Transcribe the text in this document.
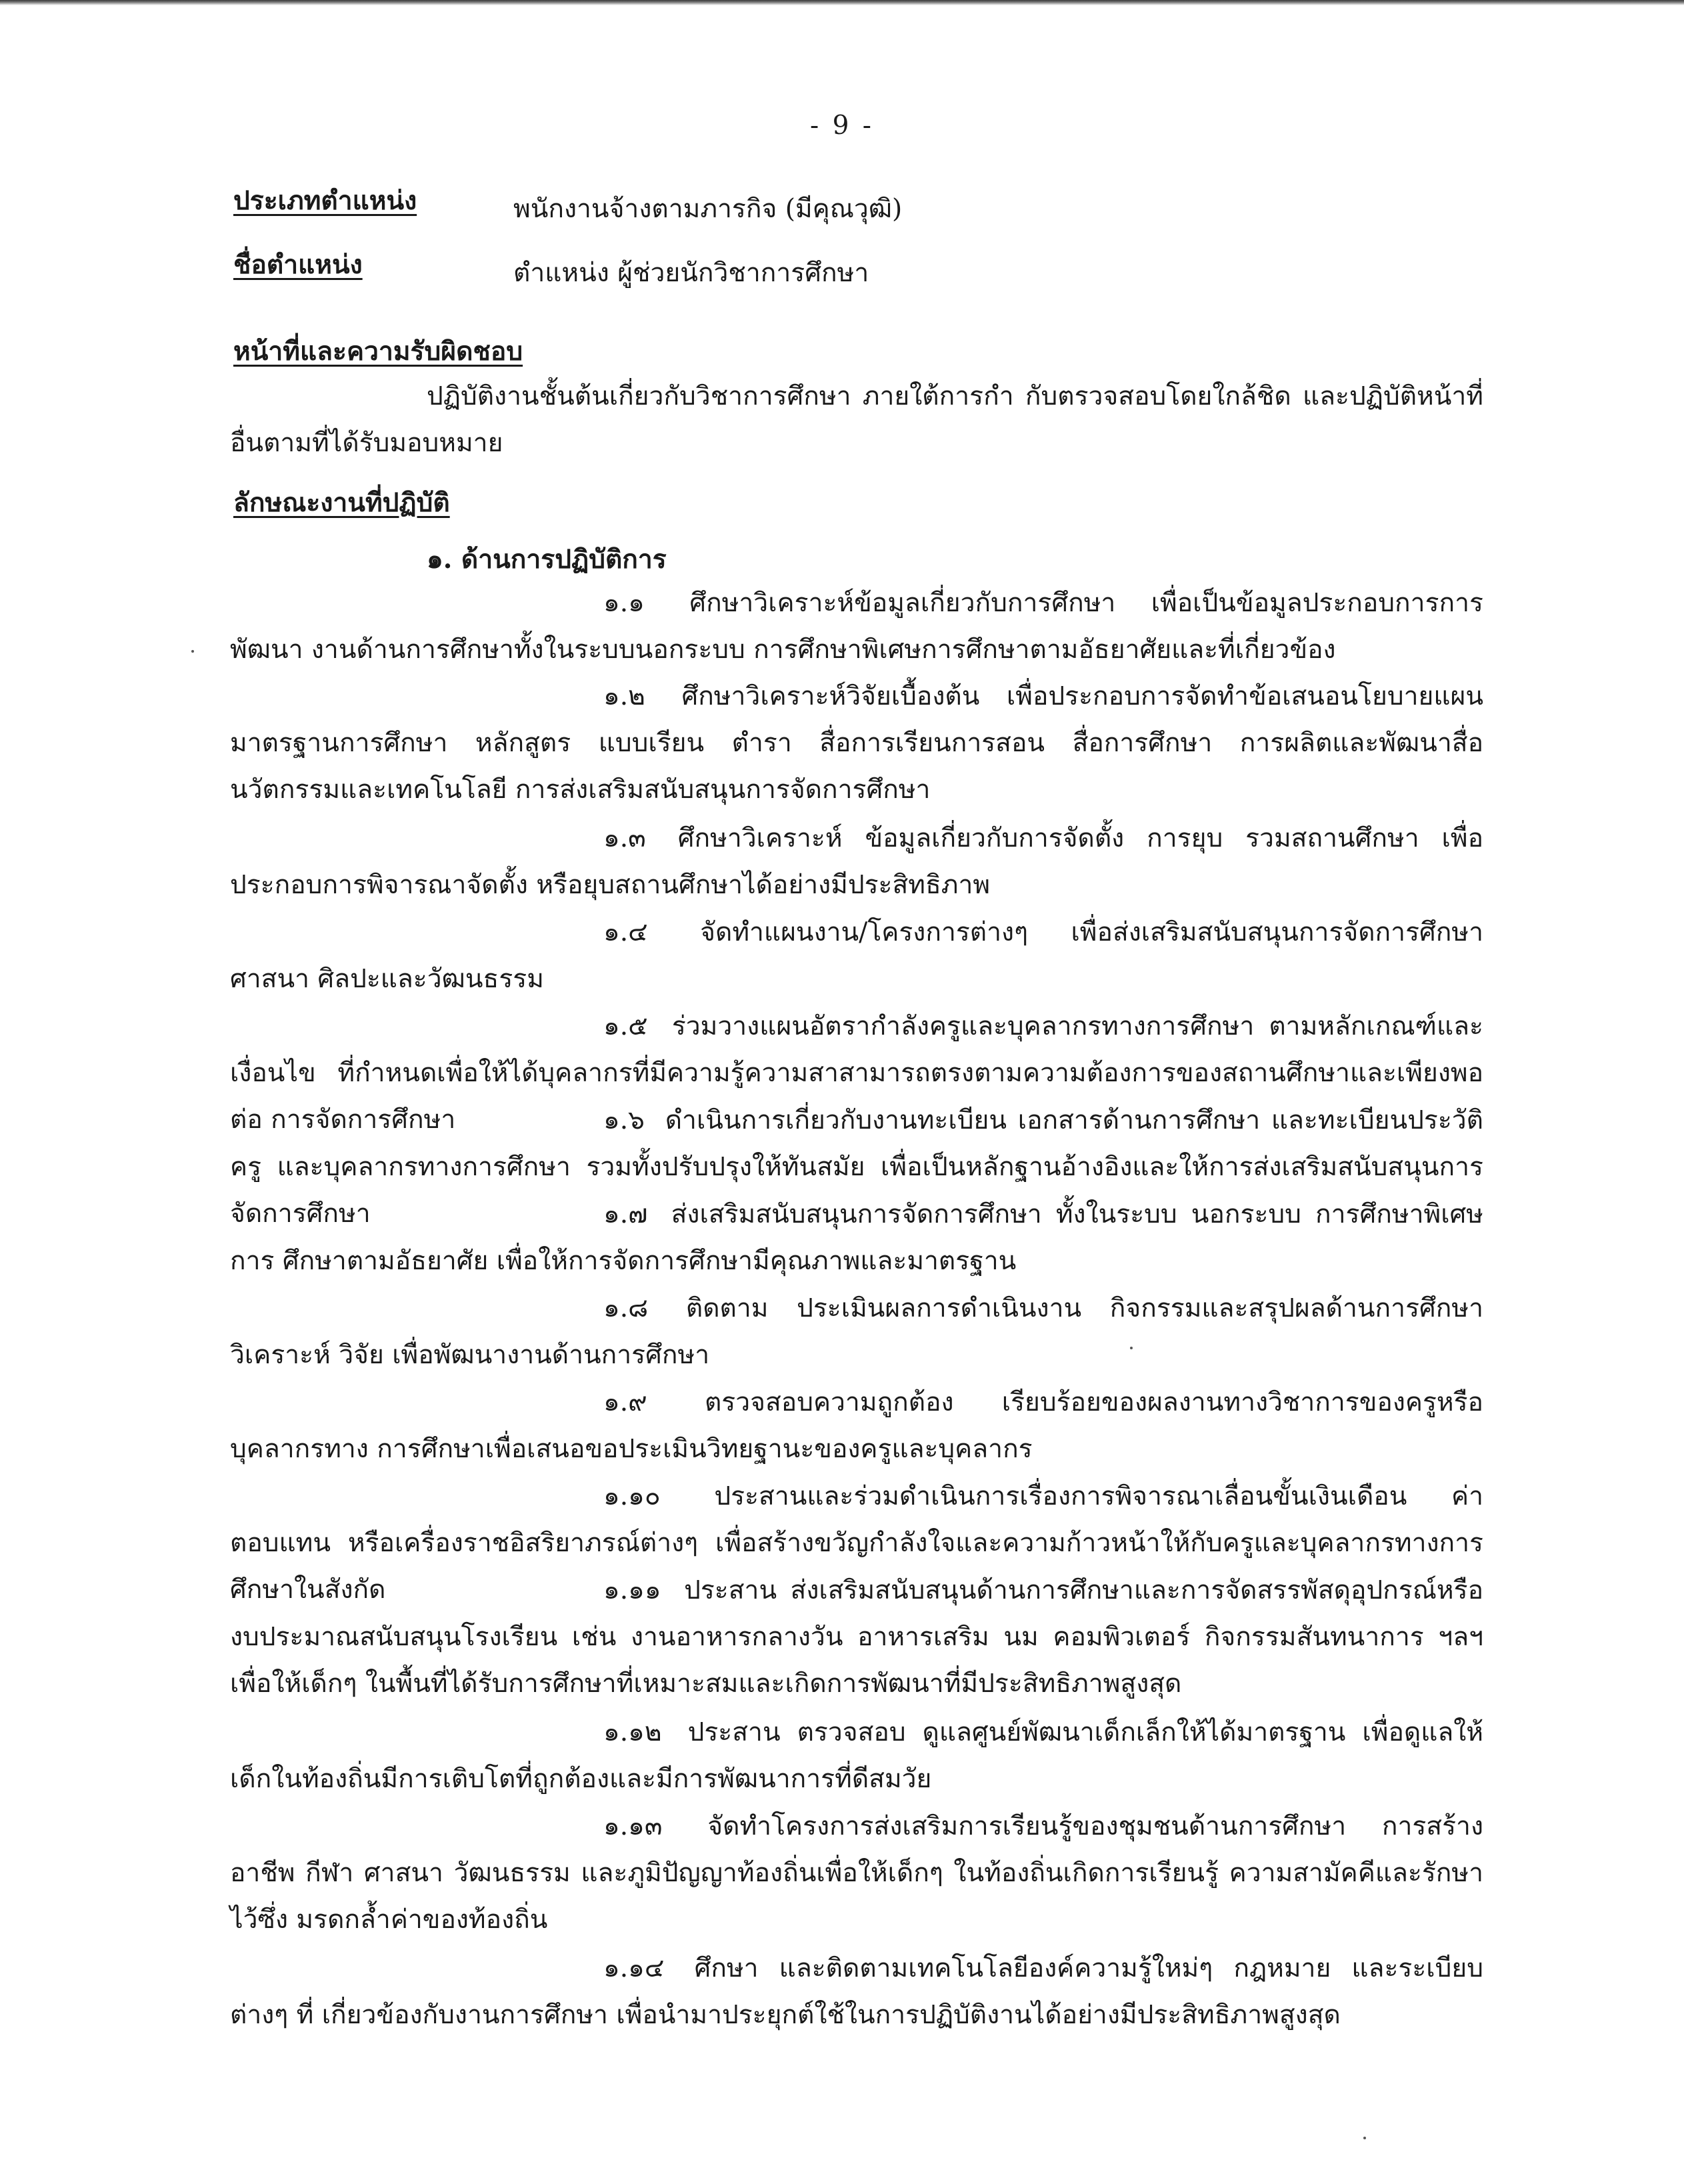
- 9 -
ประเภทตำแหน่ง	พนักงานจ้างตามภารกิจ (มีคุณวุฒิ)
ชื่อตำแหน่ง	ตำแหน่ง ผู้ช่วยนักวิชาการศึกษา
หน้าที่และความรับผิดชอบ
ปฏิบัติงานชั้นต้นเกี่ยวกับวิชาการศึกษา ภายใต้การกำ กับตรวจสอบโดยใกล้ชิด และปฏิบัติหน้าที่อื่นตามที่ได้รับมอบหมาย
ลักษณะงานที่ปฏิบัติ
๑. ด้านการปฏิบัติการ
๑.๑ ศึกษาวิเคราะห์ข้อมูลเกี่ยวกับการศึกษา เพื่อเป็นข้อมูลประกอบการการพัฒนา งานด้านการศึกษาทั้งในระบบนอกระบบ การศึกษาพิเศษการศึกษาตามอัธยาศัยและที่เกี่ยวข้อง
๑.๒ ศึกษาวิเคราะห์วิจัยเบื้องต้น เพื่อประกอบการจัดทำข้อเสนอนโยบายแผน มาตรฐานการศึกษา หลักสูตร แบบเรียน ตำรา สื่อการเรียนการสอน สื่อการศึกษา การผลิตและพัฒนาสื่อ นวัตกรรมและเทคโนโลยี การส่งเสริมสนับสนุนการจัดการศึกษา
๑.๓ ศึกษาวิเคราะห์ ข้อมูลเกี่ยวกับการจัดตั้ง การยุบ รวมสถานศึกษา เพื่อประกอบการพิจารณาจัดตั้ง หรือยุบสถานศึกษาได้อย่างมีประสิทธิภาพ
๑.๔ จัดทำแผนงาน/โครงการต่างๆ เพื่อส่งเสริมสนับสนุนการจัดการศึกษา ศาสนา ศิลปะและวัฒนธรรม
๑.๕ ร่วมวางแผนอัตรากำลังครูและบุคลากรทางการศึกษา ตามหลักเกณฑ์และเงื่อนไข ที่กำหนดเพื่อให้ได้บุคลากรที่มีความรู้ความสาสามารถตรงตามความต้องการของสถานศึกษาและเพียงพอต่อ การจัดการศึกษา	๑.๖ ดำเนินการเกี่ยวกับงานทะเบียน เอกสารด้านการศึกษา และทะเบียนประวัติครู และบุคลากรทางการศึกษา รวมทั้งปรับปรุงให้ทันสมัย เพื่อเป็นหลักฐานอ้างอิงและให้การส่งเสริมสนับสนุนการจัดการศึกษา	๑.๗ ส่งเสริมสนับสนุนการจัดการศึกษา ทั้งในระบบ นอกระบบ การศึกษาพิเศษการ ศึกษาตามอัธยาศัย เพื่อให้การจัดการศึกษามีคุณภาพและมาตรฐาน
๑.๘ ติดตาม ประเมินผลการดำเนินงาน กิจกรรมและสรุปผลด้านการศึกษา วิเคราะห์ วิจัย เพื่อพัฒนางานด้านการศึกษา
๑.๙ ตรวจสอบความถูกต้อง เรียบร้อยของผลงานทางวิชาการของครูหรือบุคลากรทาง การศึกษาเพื่อเสนอขอประเมินวิทยฐานะของครูและบุคลากร
๑.๑๐ ประสานและร่วมดำเนินการเรื่องการพิจารณาเลื่อนขั้นเงินเดือน ค่าตอบแทน หรือเครื่องราชอิสริยาภรณ์ต่างๆ เพื่อสร้างขวัญกำลังใจและความก้าวหน้าให้กับครูและบุคลากรทางการศึกษาในสังกัด	๑.๑๑ ประสาน ส่งเสริมสนับสนุนด้านการศึกษาและการจัดสรรพัสดุอุปกรณ์หรือ งบประมาณสนับสนุนโรงเรียน เช่น งานอาหารกลางวัน อาหารเสริม นม คอมพิวเตอร์ กิจกรรมสันทนาการ ฯลฯ เพื่อให้เด็กๆ ในพื้นที่ได้รับการศึกษาที่เหมาะสมและเกิดการพัฒนาที่มีประสิทธิภาพสูงสุด
๑.๑๒ ประสาน ตรวจสอบ ดูแลศูนย์พัฒนาเด็กเล็กให้ได้มาตรฐาน เพื่อดูแลให้เด็กในท้องถิ่นมีการเติบโตที่ถูกต้องและมีการพัฒนาการที่ดีสมวัย
๑.๑๓ จัดทำโครงการส่งเสริมการเรียนรู้ของชุมชนด้านการศึกษา การสร้างอาชีพ กีฬา ศาสนา วัฒนธรรม และภูมิปัญญาท้องถิ่นเพื่อให้เด็กๆ ในท้องถิ่นเกิดการเรียนรู้ ความสามัคคีและรักษาไว้ซึ่ง มรดกล้ำค่าของท้องถิ่น
๑.๑๔ ศึกษา และติดตามเทคโนโลยีองค์ความรู้ใหม่ๆ กฎหมาย และระเบียบต่างๆ ที่ เกี่ยวข้องกับงานการศึกษา เพื่อนำมาประยุกต์ใช้ในการปฏิบัติงานได้อย่างมีประสิทธิภาพสูงสุด
